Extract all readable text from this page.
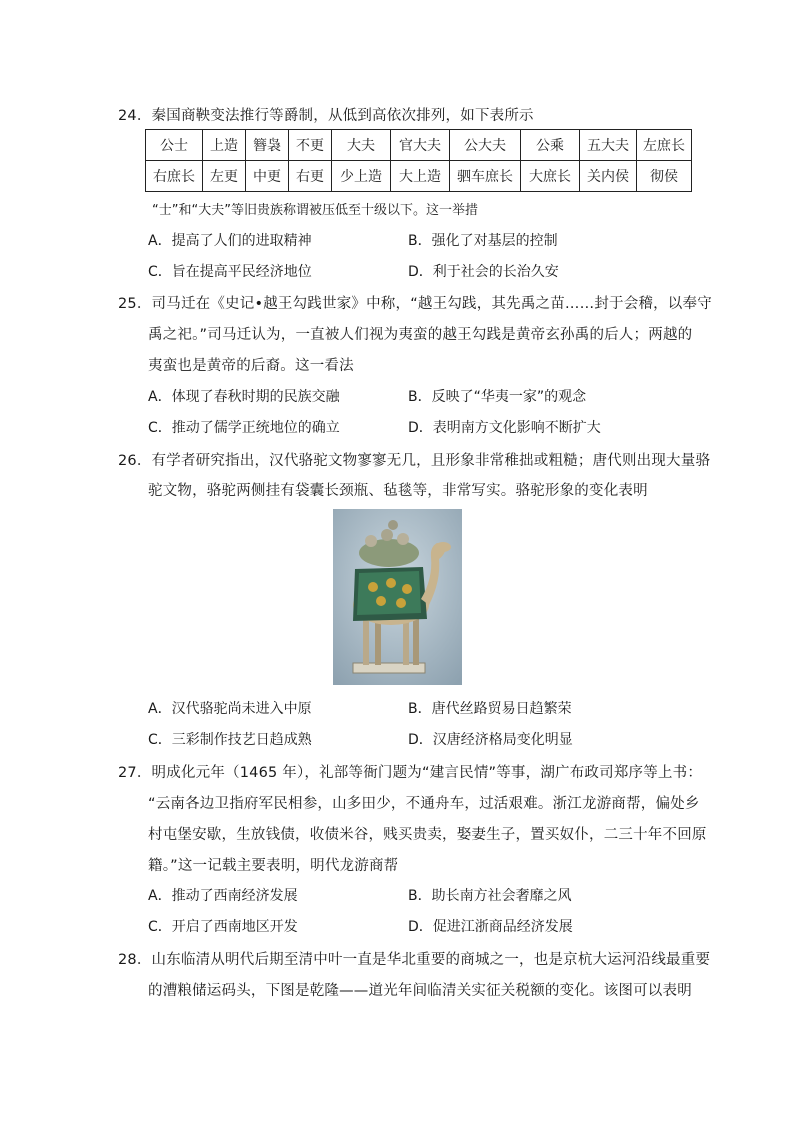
24．秦国商鞅变法推行等爵制，从低到高依次排列，如下表所示
公士	上造	簪袅	不更	大夫	官大夫	公大夫	公乘	五大夫	左庶长
右庶长	左更	中更	右更	少上造	大上造	驷车庶长	大庶长	关内侯	彻侯
“士”和“大夫”等旧贵族称谓被压低至十级以下。这一举措
A．提高了人们的进取精神	B．强化了对基层的控制
C．旨在提高平民经济地位	D．利于社会的长治久安
25．司马迁在《史记•越王勾践世家》中称，“越王勾践，其先禹之苗……封于会稽，以奉守
禹之祀。”司马迁认为，一直被人们视为夷蛮的越王勾践是黄帝玄孙禹的后人；两越的
夷蛮也是黄帝的后裔。这一看法
A．体现了春秋时期的民族交融	B．反映了“华夷一家”的观念
C．推动了儒学正统地位的确立	D．表明南方文化影响不断扩大
26．有学者研究指出，汉代骆驼文物寥寥无几，且形象非常稚拙或粗糙；唐代则出现大量骆
驼文物，骆驼两侧挂有袋囊长颈瓶、毡毯等，非常写实。骆驼形象的变化表明
A．汉代骆驼尚未进入中原	B．唐代丝路贸易日趋繁荣
C．三彩制作技艺日趋成熟	D．汉唐经济格局变化明显
27．明成化元年（1465 年），礼部等衙门题为“建言民情”等事，湖广布政司郑序等上书：
“云南各边卫指府军民相参，山多田少，不通舟车，过活艰难。浙江龙游商帮，偏处乡
村屯堡安歇，生放钱债，收债米谷，贱买贵卖，娶妻生子，置买奴仆，二三十年不回原
籍。”这一记载主要表明，明代龙游商帮
A．推动了西南经济发展	B．助长南方社会奢靡之风
C．开启了西南地区开发	D．促进江浙商品经济发展
28．山东临清从明代后期至清中叶一直是华北重要的商城之一，也是京杭大运河沿线最重要
的漕粮储运码头，下图是乾隆——道光年间临清关实征关税额的变化。该图可以表明
